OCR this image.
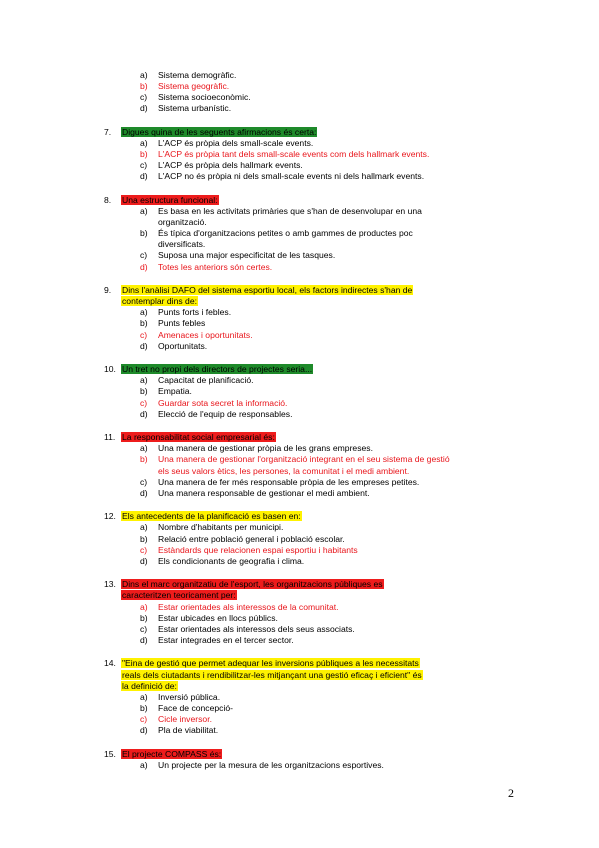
a) Sistema demogràfic.
b) Sistema geogràfic.
c) Sistema socioeconòmic.
d) Sistema urbanístic.
7. Digues quina de les seguents afirmacions és certa:
a) L'ACP és pròpia dels small-scale events.
b) L'ACP és pròpia tant dels small-scale events com dels hallmark events.
c) L'ACP és pròpia dels hallmark events.
d) L'ACP no és pròpia ni dels small-scale events ni dels hallmark events.
8. Una estructura funcional:
a) Es basa en les activitats primàries que s'han de desenvolupar en una
organització.
b) És típica d'organitzacions petites o amb gammes de productes poc
diversificats.
c) Suposa una major especificitat de les tasques.
d) Totes les anteriors són certes.
9. Dins l'anàlisi DAFO del sistema esportiu local, els factors indirectes s'han de
contemplar dins de:
a) Punts forts i febles.
b) Punts febles
c) Amenaces i oportunitats.
d) Oportunitats.
10. Un tret no propi dels directors de projectes seria...
a) Capacitat de planificació.
b) Empatia.
c) Guardar sota secret la informació.
d) Elecció de l'equip de responsables.
11. La responsabilitat social empresarial és:
a) Una manera de gestionar pròpia de les grans empreses.
b) Una manera de gestionar l'organització integrant en el seu sistema de gestió
els seus valors ètics, les persones, la comunitat i el medi ambient.
c) Una manera de fer més responsable pròpia de les empreses petites.
d) Una manera responsable de gestionar el medi ambient.
12. Els antecedents de la planificació es basen en:
a) Nombre d'habitants per municipi.
b) Relació entre població general i població escolar.
c) Estàndards que relacionen espai esportiu i habitants
d) Els condicionants de geografia i clima.
13. Dins el marc organitzatiu de l'esport, les organitzacions públiques es
caracteritzen teoricament per:
a) Estar orientades als interessos de la comunitat.
b) Estar ubicades en llocs públics.
c) Estar orientades als interessos dels seus associats.
d) Estar integrades en el tercer sector.
14. "Eina de gestió que permet adequar les inversions públiques a les necessitats
reals dels ciutadants i rendibilitzar-les mitjançant una gestió eficaç i eficient" és
la definició de:
a) Inversió pública.
b) Face de concepció-
c) Cicle inversor.
d) Pla de viabilitat.
15. El projecte COMPASS és:
a) Un projecte per la mesura de les organitzacions esportives.
2
